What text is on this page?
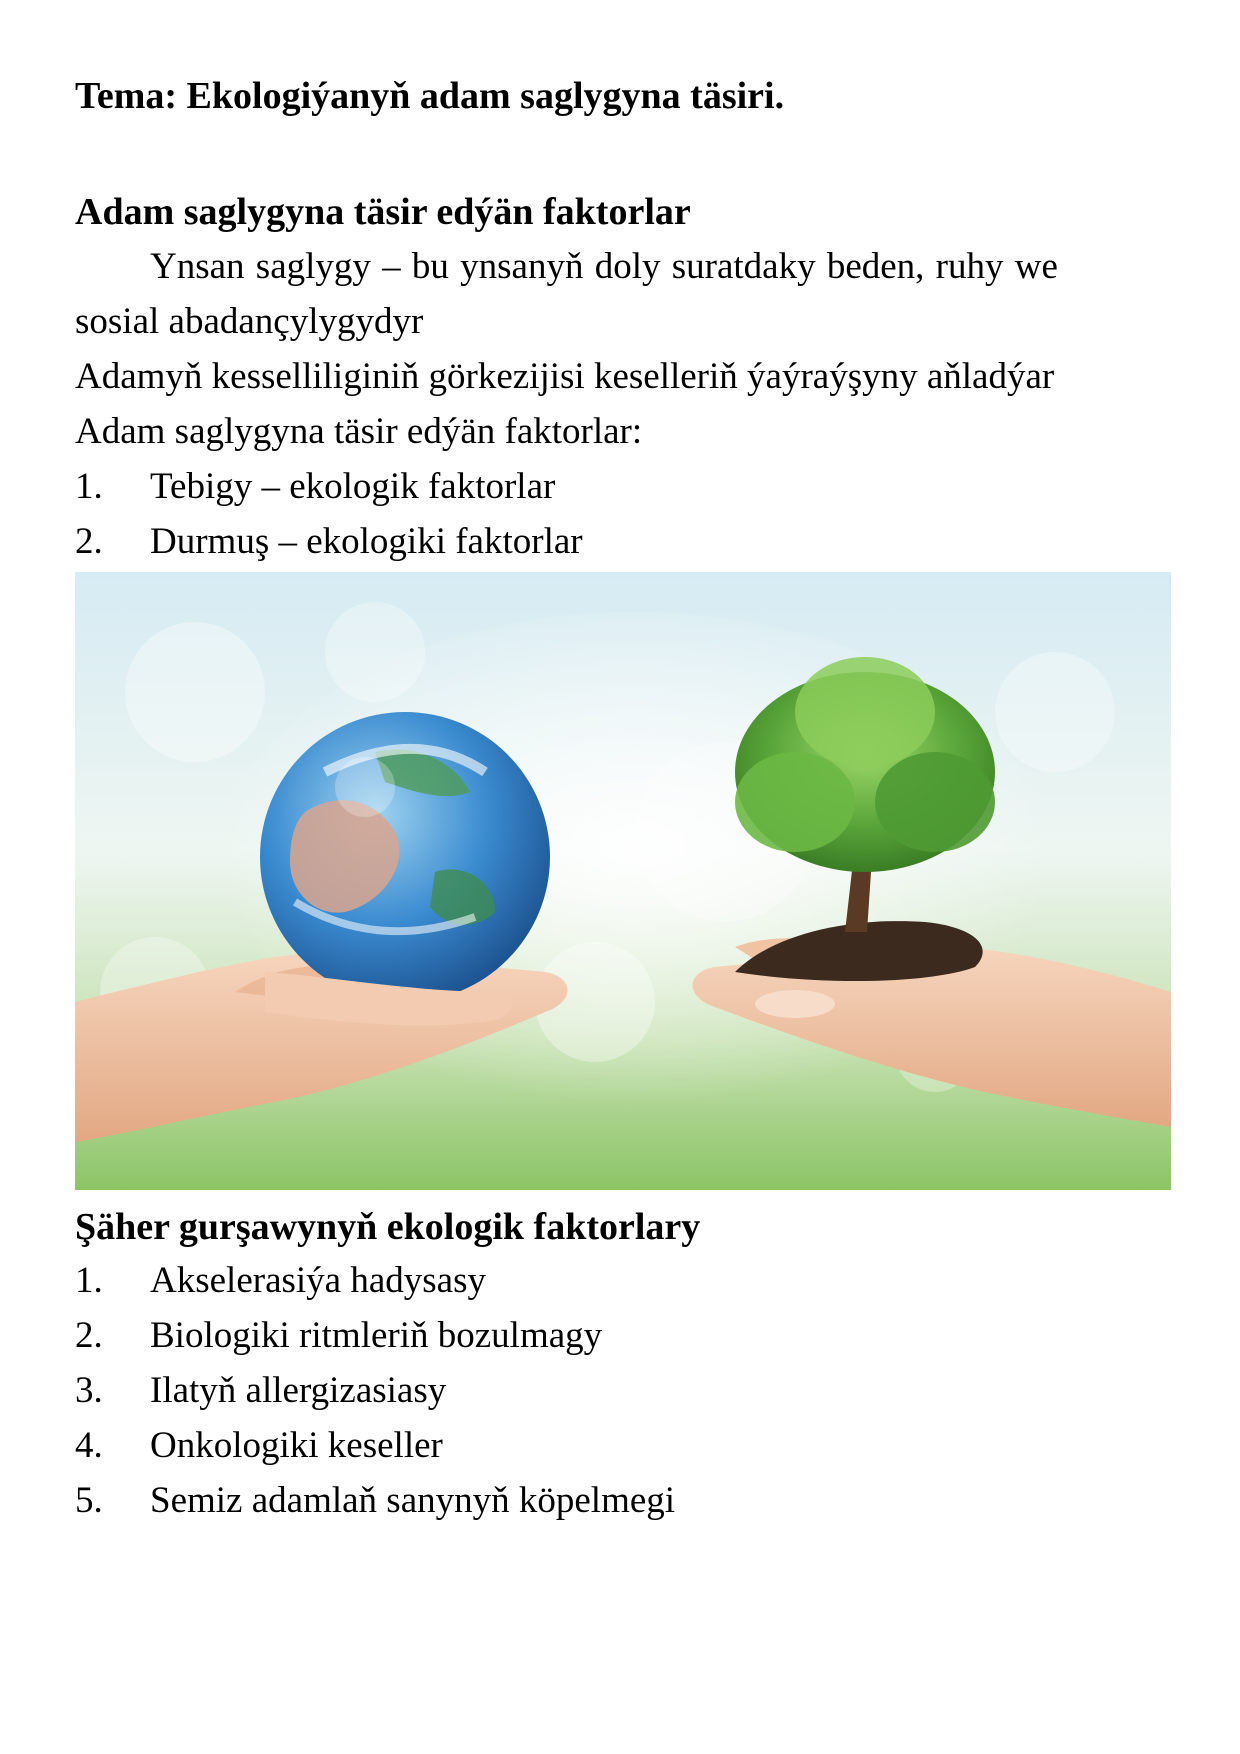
Tema: Ekologiýanyň adam saglygyna täsiri.
Adam saglygyna täsir edýän faktorlar
Ynsan saglygy – bu ynsanyň doly suratdaky beden, ruhy we
sosial abadançylygydyr
Adamyň kesselliliginiň görkezijisi keselleriň ýaýraýşyny aňladýar
Adam saglygyna täsir edýän faktorlar:
1. Tebigy – ekologik faktorlar
2. Durmuş – ekologiki faktorlar
Şäher gurşawynyň ekologik faktorlary
1. Akselerasiýa hadysasy
2. Biologiki ritmleriň bozulmagy
3. Ilatyň allergizasiasy
4. Onkologiki keseller
5. Semiz adamlaň sanynyň köpelmegi
